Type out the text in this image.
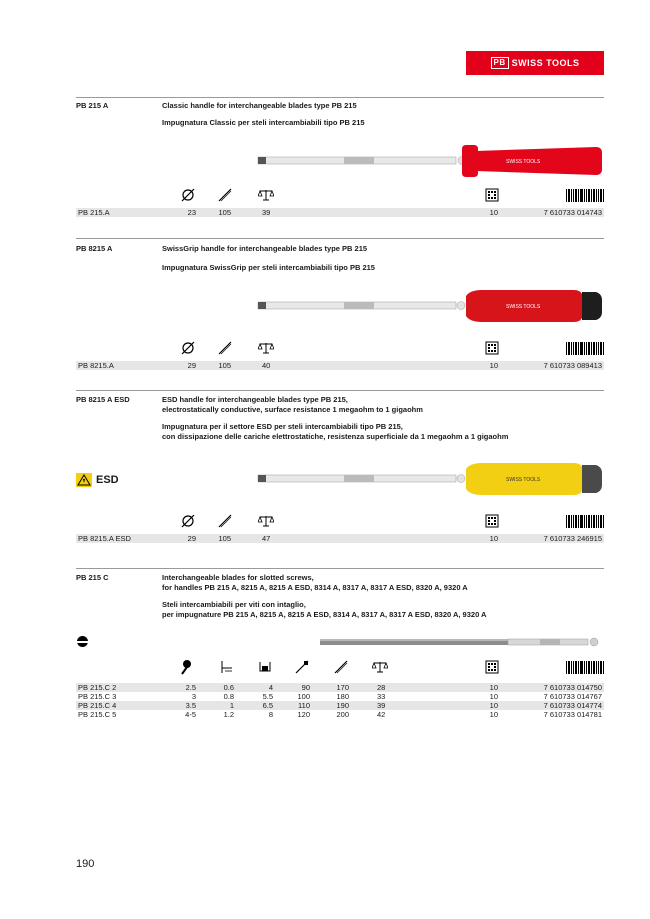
PB SWISS TOOLS
PB 215 A	Classic handle for interchangeable blades type PB 215
Impugnatura Classic per steli intercambiabili tipo PB 215
SWISS TOOLS
PB 215.A	23	105	39	10	7 610733 014743
PB 8215 A	SwissGrip handle for interchangeable blades type PB 215
Impugnatura SwissGrip per steli intercambiabili tipo PB 215
SWISS TOOLS
PB 8215.A	29	105	40	10	7 610733 089413
PB 8215 A ESD	ESD handle for interchangeable blades type PB 215,
electrostatically conductive, surface resistance 1 megaohm to 1 gigaohm
Impugnatura per il settore ESD per steli intercambiabili tipo PB 215,
con dissipazione delle cariche elettrostatiche, resistenza superficiale da 1 megaohm a 1 gigaohm
SWISS TOOLS
PB 8215.A ESD	29	105	47	10	7 610733 246915
ESD
PB 215 C	Interchangeable blades for slotted screws,
for handles PB 215 A, 8215 A, 8215 A ESD, 8314 A, 8317 A, 8317 A ESD, 8320 A, 9320 A
Steli intercambiabili per viti con intaglio,
per impugnature PB 215 A, 8215 A, 8215 A ESD, 8314 A, 8317 A, 8317 A ESD, 8320 A, 9320 A
PB 215.C 2	2.5	0.6	4	90	170	28	10	7 610733 014750
PB 215.C 3	3	0.8	5.5	100	180	33	10	7 610733 014767
PB 215.C 4	3.5	1	6.5	110	190	39	10	7 610733 014774
PB 215.C 5	4-5	1.2	8	120	200	42	10	7 610733 014781
190
